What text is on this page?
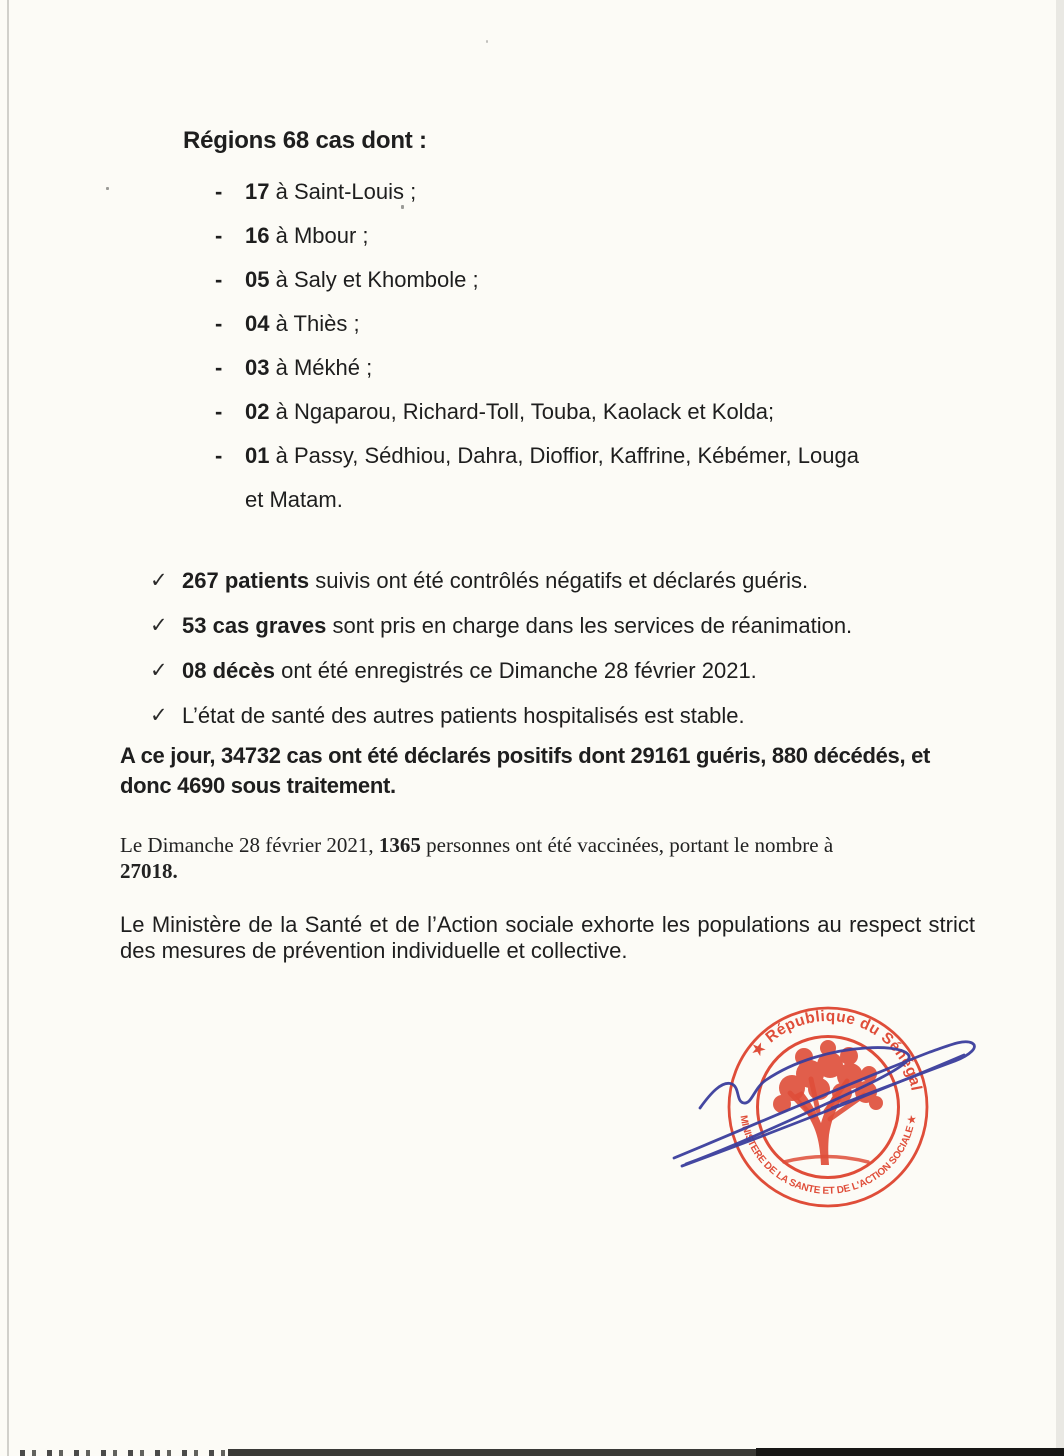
Régions 68 cas dont :
-	17 à Saint-Louis ;
-	16 à Mbour ;
-	05 à Saly et Khombole ;
-	04 à Thiès ;
-	03 à Mékhé ;
-	02 à Ngaparou, Richard-Toll, Touba, Kaolack et Kolda;
-	01 à Passy, Sédhiou, Dahra, Dioffior, Kaffrine, Kébémer, Louga et Matam.
✓ 267 patients suivis ont été contrôlés négatifs et déclarés guéris.
✓ 53 cas graves sont pris en charge dans les services de réanimation.
✓ 08 décès ont été enregistrés ce Dimanche 28 février 2021.
✓ L’état de santé des autres patients hospitalisés est stable.
A ce jour, 34732 cas ont été déclarés positifs dont 29161 guéris, 880 décédés, et donc 4690 sous traitement.
Le Dimanche 28 février 2021, 1365 personnes ont été vaccinées, portant le nombre à 27018.
Le Ministère de la Santé et de l’Action sociale exhorte les populations au respect strict des mesures de prévention individuelle et collective.
★ République du Sénégal
MINISTERE DE LA SANTE ET DE L'ACTION SOCIALE ★
